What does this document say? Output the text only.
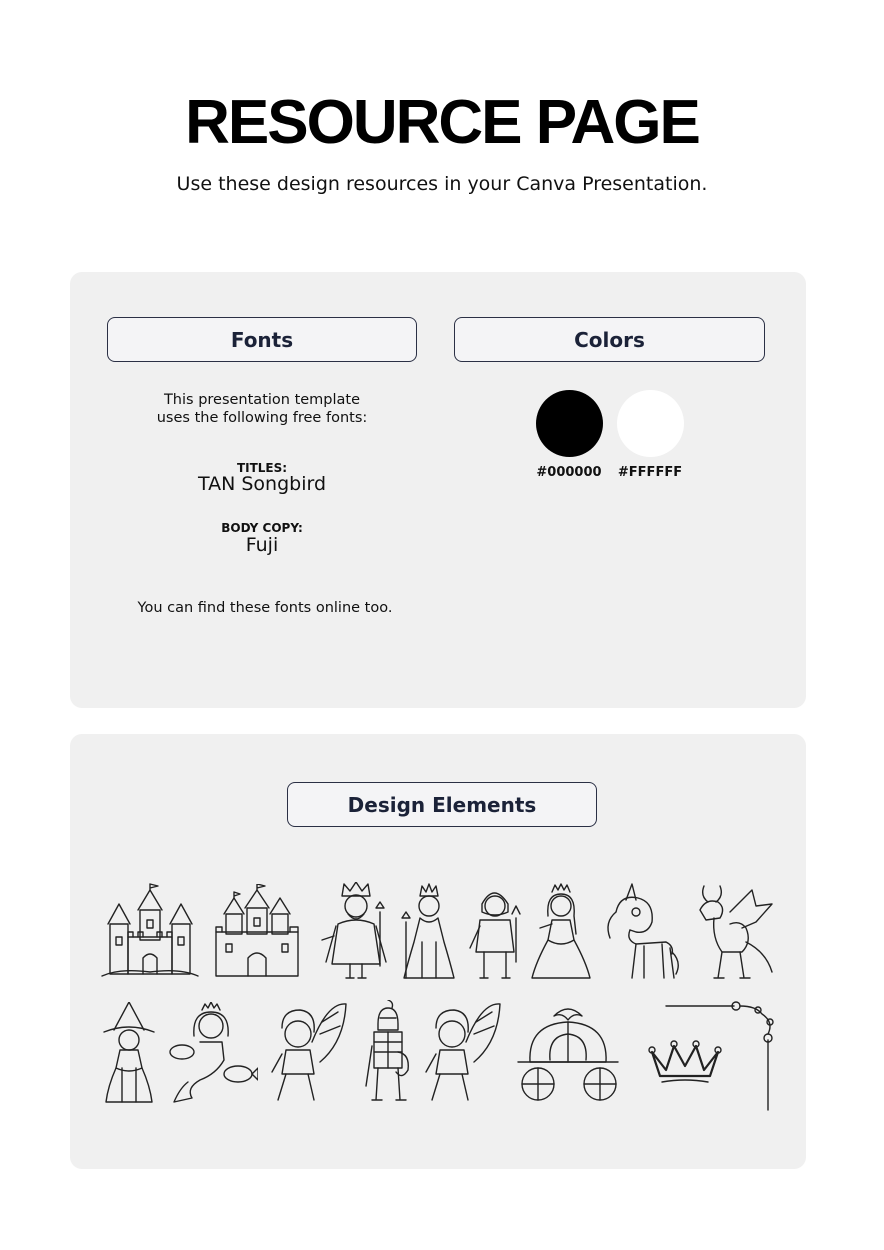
RESOURCE PAGE
Use these design resources in your Canva Presentation.
Fonts	Colors
This presentation template
uses the following free fonts:
TITLES:
TAN Songbird
BODY COPY:
Fuji
You can find these fonts online too.
#000000	#FFFFFF
Design Elements
